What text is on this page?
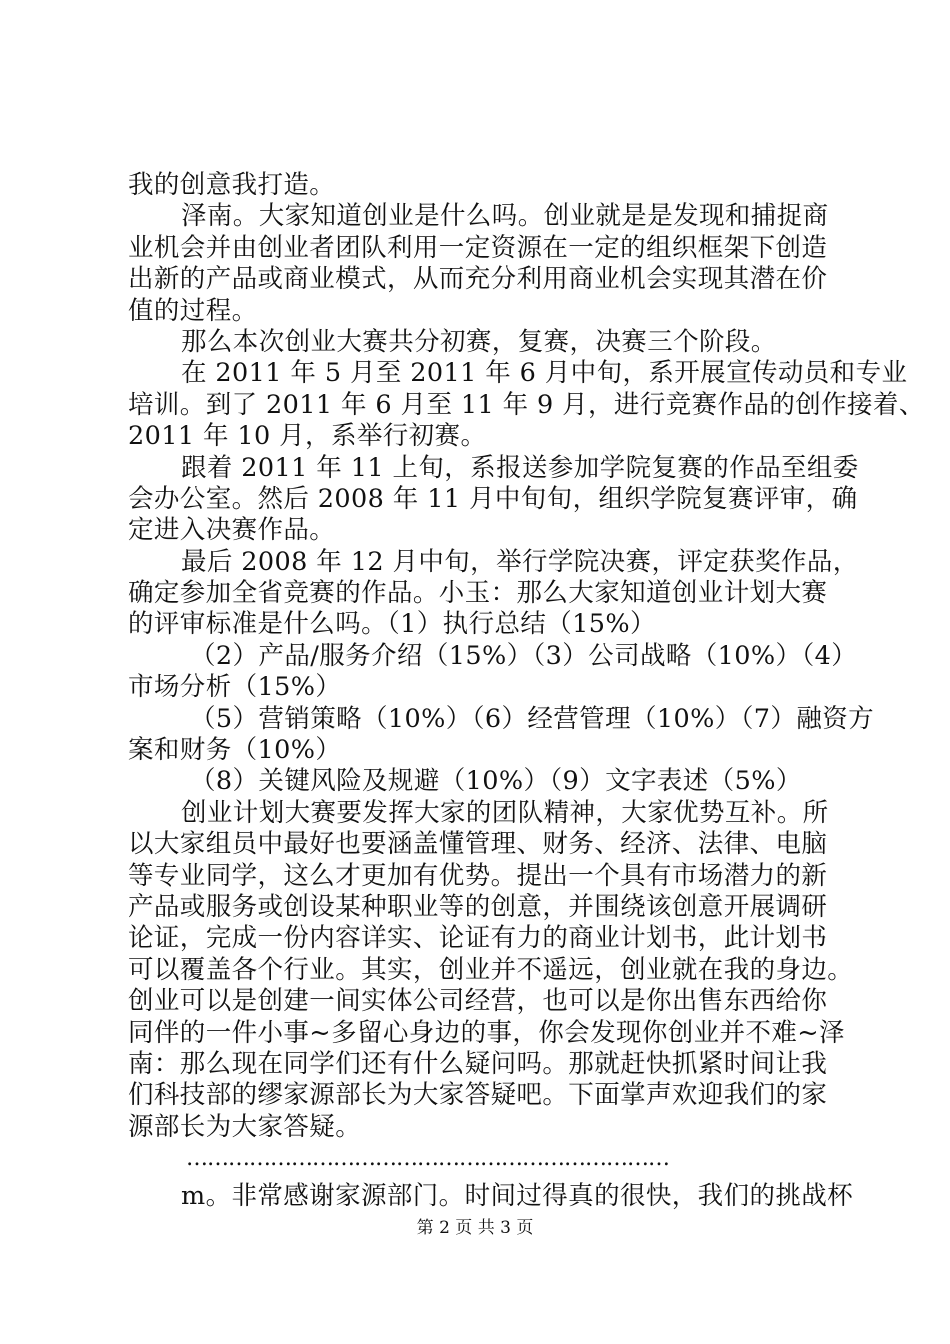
我的创意我打造。
泽南。大家知道创业是什么吗。创业就是是发现和捕捉商
业机会并由创业者团队利用一定资源在一定的组织框架下创造
出新的产品或商业模式，从而充分利用商业机会实现其潜在价
值的过程。
那么本次创业大赛共分初赛，复赛，决赛三个阶段。
在 2011 年 5 月至 2011 年 6 月中旬，系开展宣传动员和专业
培训。到了 2011 年 6 月至 11 年 9 月，进行竞赛作品的创作接着、
2011 年 10 月，系举行初赛。
跟着 2011 年 11 上旬，系报送参加学院复赛的作品至组委
会办公室。然后 2008 年 11 月中旬旬，组织学院复赛评审，确
定进入决赛作品。
最后 2008 年 12 月中旬，举行学院决赛，评定获奖作品，
确定参加全省竞赛的作品。小玉：那么大家知道创业计划大赛
的评审标准是什么吗。（1）执行总结（15%）
（2）产品/服务介绍（15%）（3）公司战略（10%）（4）
市场分析（15%）
（5）营销策略（10%）（6）经营管理（10%）（7）融资方
案和财务（10%）
（8）关键风险及规避（10%）（9）文字表述（5%）
创业计划大赛要发挥大家的团队精神，大家优势互补。所
以大家组员中最好也要涵盖懂管理、财务、经济、法律、电脑
等专业同学，这么才更加有优势。提出一个具有市场潜力的新
产品或服务或创设某种职业等的创意，并围绕该创意开展调研
论证，完成一份内容详实、论证有力的商业计划书，此计划书
可以覆盖各个行业。其实，创业并不遥远，创业就在我的身边。
创业可以是创建一间实体公司经营，也可以是你出售东西给你
同伴的一件小事~多留心身边的事，你会发现你创业并不难~泽
南：那么现在同学们还有什么疑问吗。那就赶快抓紧时间让我
们科技部的缪家源部长为大家答疑吧。下面掌声欢迎我们的家
源部长为大家答疑。
……………………………………………………………
m。非常感谢家源部门。时间过得真的很快，我们的挑战杯
第 2 页 共 3 页
